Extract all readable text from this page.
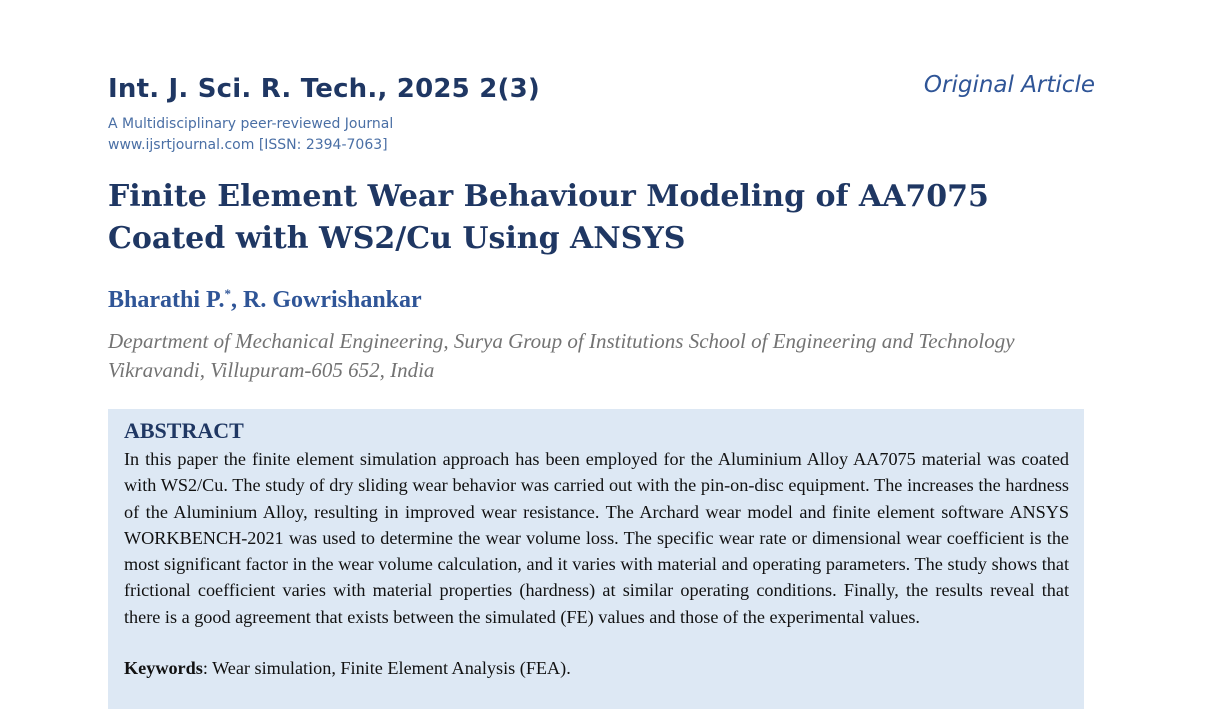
Int. J. Sci. R. Tech., 2025 2(3)	Original Article
A Multidisciplinary peer-reviewed Journal
www.ijsrtjournal.com [ISSN: 2394-7063]
Finite Element Wear Behaviour Modeling of AA7075
Coated with WS2/Cu Using ANSYS
Bharathi P.*, R. Gowrishankar
Department of Mechanical Engineering, Surya Group of Institutions School of Engineering and Technology
Vikravandi, Villupuram-605 652, India
ABSTRACT
In this paper the finite element simulation approach has been employed for the Aluminium Alloy AA7075 material was coated with WS2/Cu. The study of dry sliding wear behavior was carried out with the pin-on-disc equipment. The increases the hardness of the Aluminium Alloy, resulting in improved wear resistance. The Archard wear model and finite element software ANSYS WORKBENCH-2021 was used to determine the wear volume loss. The specific wear rate or dimensional wear coefficient is the most significant factor in the wear volume calculation, and it varies with material and operating parameters. The study shows that frictional coefficient varies with material properties (hardness) at similar operating conditions. Finally, the results reveal that there is a good agreement that exists between the simulated (FE) values and those of the experimental values.
Keywords: Wear simulation, Finite Element Analysis (FEA).
